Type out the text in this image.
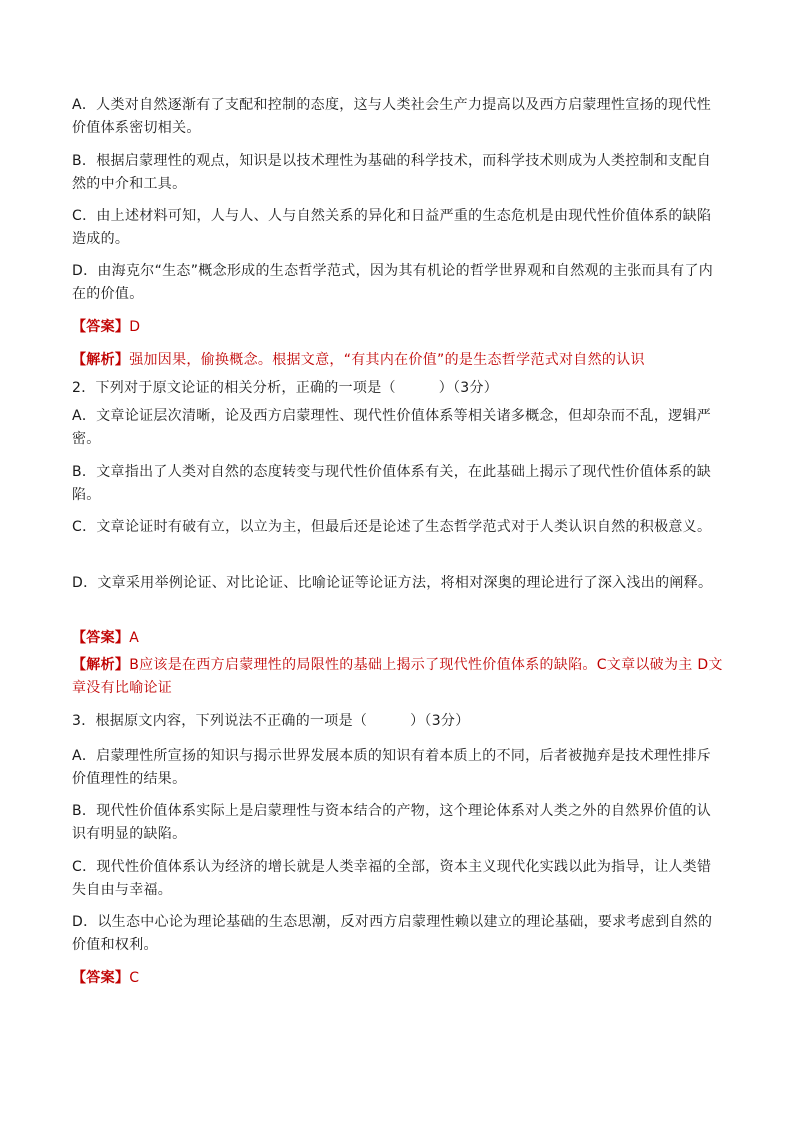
A．人类对自然逐渐有了支配和控制的态度，这与人类社会生产力提高以及西方启蒙理性宣扬的现代性价值体系密切相关。

B．根据启蒙理性的观点，知识是以技术理性为基础的科学技术，而科学技术则成为人类控制和支配自然的中介和工具。

C．由上述材料可知，人与人、人与自然关系的异化和日益严重的生态危机是由现代性价值体系的缺陷造成的。

D．由海克尔“生态”概念形成的生态哲学范式，因为其有机论的哲学世界观和自然观的主张而具有了内在的价值。

【答案】D

【解析】强加因果，偷换概念。根据文意，“有其内在价值”的是生态哲学范式对自然的认识

2．下列对于原文论证的相关分析，正确的一项是（　　　）（3分）

A．文章论证层次清晰，论及西方启蒙理性、现代性价值体系等相关诸多概念，但却杂而不乱，逻辑严密。

B．文章指出了人类对自然的态度转变与现代性价值体系有关，在此基础上揭示了现代性价值体系的缺陷。

C．文章论证时有破有立，以立为主，但最后还是论述了生态哲学范式对于人类认识自然的积极意义。

D．文章采用举例论证、对比论证、比喻论证等论证方法，将相对深奥的理论进行了深入浅出的阐释。

【答案】A

【解析】B应该是在西方启蒙理性的局限性的基础上揭示了现代性价值体系的缺陷。C文章以破为主 D文章没有比喻论证

3．根据原文内容，下列说法不正确的一项是（　　　）（3分）

A．启蒙理性所宣扬的知识与揭示世界发展本质的知识有着本质上的不同，后者被抛弃是技术理性排斥价值理性的结果。

B．现代性价值体系实际上是启蒙理性与资本结合的产物，这个理论体系对人类之外的自然界价值的认识有明显的缺陷。

C．现代性价值体系认为经济的增长就是人类幸福的全部，资本主义现代化实践以此为指导，让人类错失自由与幸福。

D．以生态中心论为理论基础的生态思潮，反对西方启蒙理性赖以建立的理论基础，要求考虑到自然的价值和权利。

【答案】C
